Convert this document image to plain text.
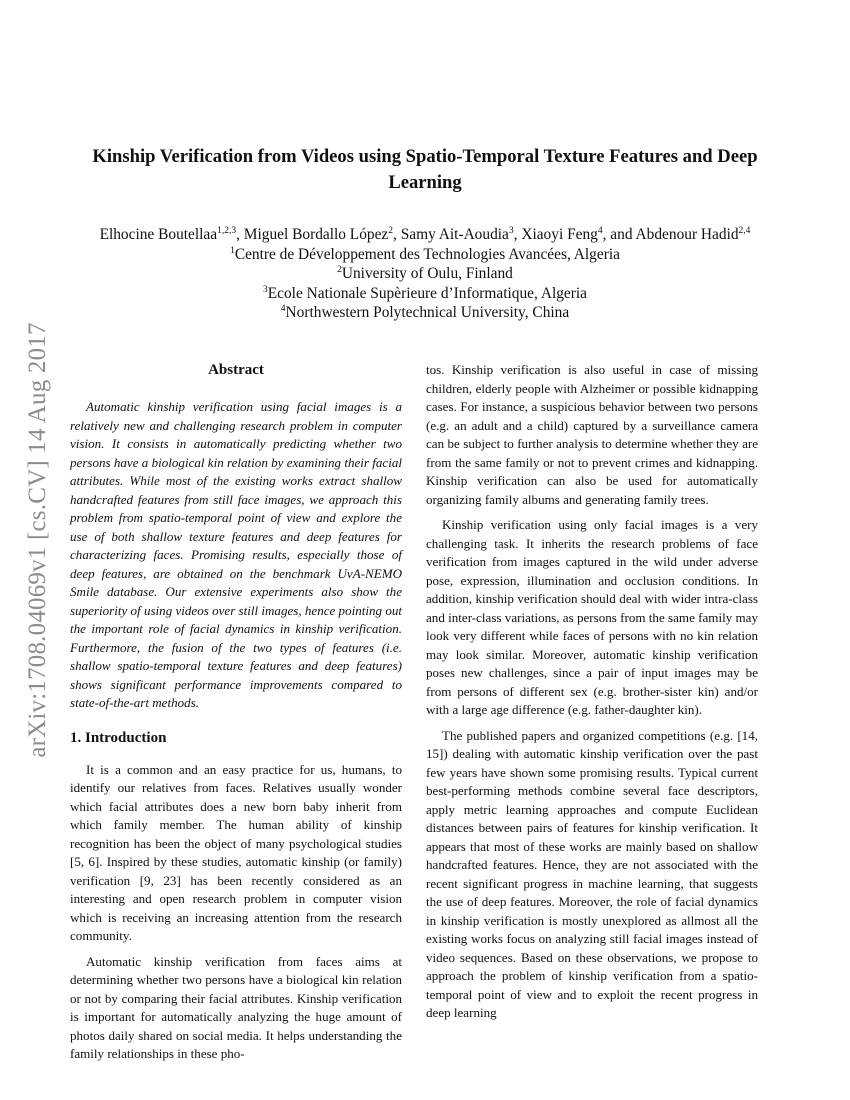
arXiv:1708.04069v1 [cs.CV] 14 Aug 2017
Kinship Verification from Videos using Spatio-Temporal Texture Features and Deep Learning
Elhocine Boutellaa$^{1,2,3}$, Miguel Bordallo López$^2$, Samy Ait-Aoudia$^3$, Xiaoyi Feng$^4$, and Abdenour Hadid$^{2,4}$
$^1$Centre de Développement des Technologies Avancées, Algeria
$^2$University of Oulu, Finland
$^3$Ecole Nationale Supèrieure d’Informatique, Algeria
$^4$Northwestern Polytechnical University, China
Abstract

Automatic kinship verification using facial images is a relatively new and challenging research problem in computer vision. It consists in automatically predicting whether two persons have a biological kin relation by examining their facial attributes. While most of the existing works extract shallow handcrafted features from still face images, we approach this problem from spatio-temporal point of view and explore the use of both shallow texture features and deep features for characterizing faces. Promising results, especially those of deep features, are obtained on the benchmark UvA-NEMO Smile database. Our extensive experiments also show the superiority of using videos over still images, hence pointing out the important role of facial dynamics in kinship verification. Furthermore, the fusion of the two types of features (i.e. shallow spatio-temporal texture features and deep features) shows significant performance improvements compared to state-of-the-art methods.

1. Introduction

It is a common and an easy practice for us, humans, to identify our relatives from faces. Relatives usually wonder which facial attributes does a new born baby inherit from which family member. The human ability of kinship recognition has been the object of many psychological studies [5, 6]. Inspired by these studies, automatic kinship (or family) verification [9, 23] has been recently considered as an interesting and open research problem in computer vision which is receiving an increasing attention from the research community.

Automatic kinship verification from faces aims at determining whether two persons have a biological kin relation or not by comparing their facial attributes. Kinship verification is important for automatically analyzing the huge amount of photos daily shared on social media. It helps understanding the family relationships in these pho-

tos. Kinship verification is also useful in case of missing children, elderly people with Alzheimer or possible kidnapping cases. For instance, a suspicious behavior between two persons (e.g. an adult and a child) captured by a surveillance camera can be subject to further analysis to determine whether they are from the same family or not to prevent crimes and kidnapping. Kinship verification can also be used for automatically organizing family albums and generating family trees.

Kinship verification using only facial images is a very challenging task. It inherits the research problems of face verification from images captured in the wild under adverse pose, expression, illumination and occlusion conditions. In addition, kinship verification should deal with wider intra-class and inter-class variations, as persons from the same family may look very different while faces of persons with no kin relation may look similar. Moreover, automatic kinship verification poses new challenges, since a pair of input images may be from persons of different sex (e.g. brother-sister kin) and/or with a large age difference (e.g. father-daughter kin).

The published papers and organized competitions (e.g. [14, 15]) dealing with automatic kinship verification over the past few years have shown some promising results. Typical current best-performing methods combine several face descriptors, apply metric learning approaches and compute Euclidean distances between pairs of features for kinship verification. It appears that most of these works are mainly based on shallow handcrafted features. Hence, they are not associated with the recent significant progress in machine learning, that suggests the use of deep features. Moreover, the role of facial dynamics in kinship verification is mostly unexplored as allmost all the existing works focus on analyzing still facial images instead of video sequences. Based on these observations, we propose to approach the problem of kinship verification from a spatio-temporal point of view and to exploit the recent progress in deep learning
